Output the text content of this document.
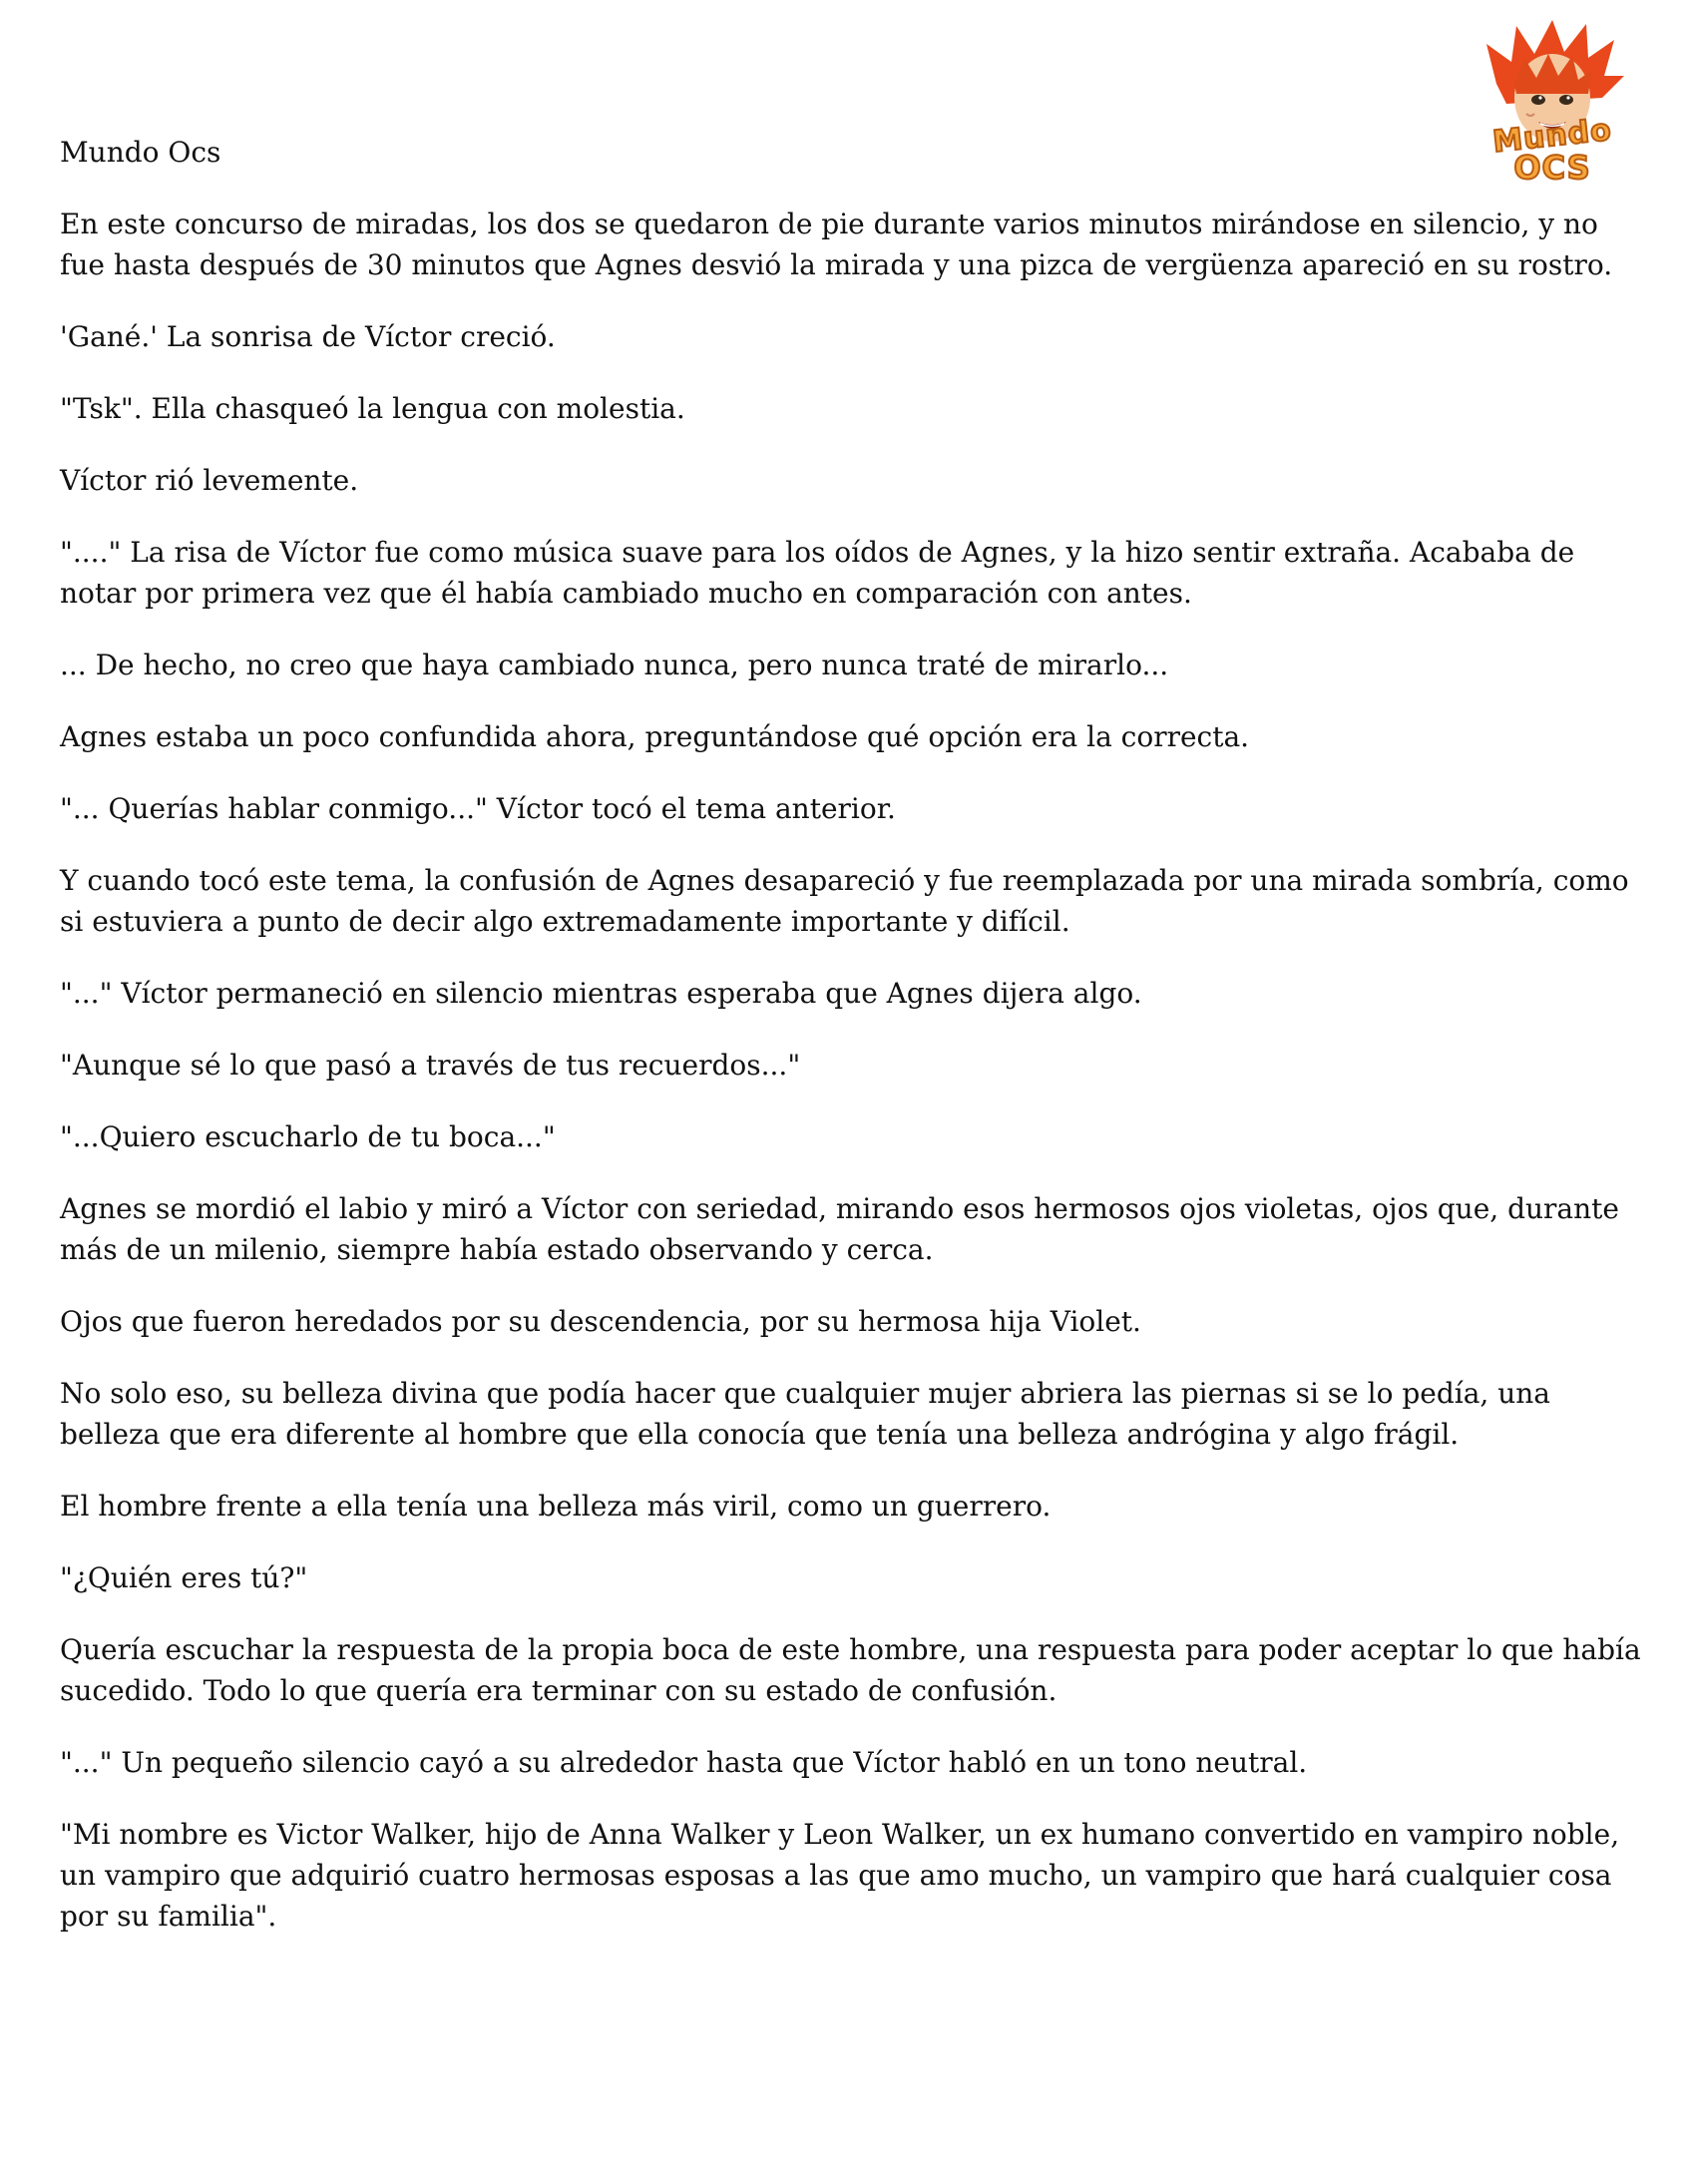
Mundo
OCS

Mundo Ocs

En este concurso de miradas, los dos se quedaron de pie durante varios minutos mirándose en silencio, y no fue hasta después de 30 minutos que Agnes desvió la mirada y una pizca de vergüenza apareció en su rostro.

'Gané.' La sonrisa de Víctor creció.

"Tsk". Ella chasqueó la lengua con molestia.

Víctor rió levemente.

"...." La risa de Víctor fue como música suave para los oídos de Agnes, y la hizo sentir extraña. Acababa de notar por primera vez que él había cambiado mucho en comparación con antes.

... De hecho, no creo que haya cambiado nunca, pero nunca traté de mirarlo...

Agnes estaba un poco confundida ahora, preguntándose qué opción era la correcta.

"... Querías hablar conmigo..." Víctor tocó el tema anterior.

Y cuando tocó este tema, la confusión de Agnes desapareció y fue reemplazada por una mirada sombría, como si estuviera a punto de decir algo extremadamente importante y difícil.

"..." Víctor permaneció en silencio mientras esperaba que Agnes dijera algo.

"Aunque sé lo que pasó a través de tus recuerdos..."

"...Quiero escucharlo de tu boca..."

Agnes se mordió el labio y miró a Víctor con seriedad, mirando esos hermosos ojos violetas, ojos que, durante más de un milenio, siempre había estado observando y cerca.

Ojos que fueron heredados por su descendencia, por su hermosa hija Violet.

No solo eso, su belleza divina que podía hacer que cualquier mujer abriera las piernas si se lo pedía, una belleza que era diferente al hombre que ella conocía que tenía una belleza andrógina y algo frágil.

El hombre frente a ella tenía una belleza más viril, como un guerrero.

"¿Quién eres tú?"

Quería escuchar la respuesta de la propia boca de este hombre, una respuesta para poder aceptar lo que había sucedido. Todo lo que quería era terminar con su estado de confusión.

"..." Un pequeño silencio cayó a su alrededor hasta que Víctor habló en un tono neutral.

"Mi nombre es Victor Walker, hijo de Anna Walker y Leon Walker, un ex humano convertido en vampiro noble, un vampiro que adquirió cuatro hermosas esposas a las que amo mucho, un vampiro que hará cualquier cosa por su familia".
